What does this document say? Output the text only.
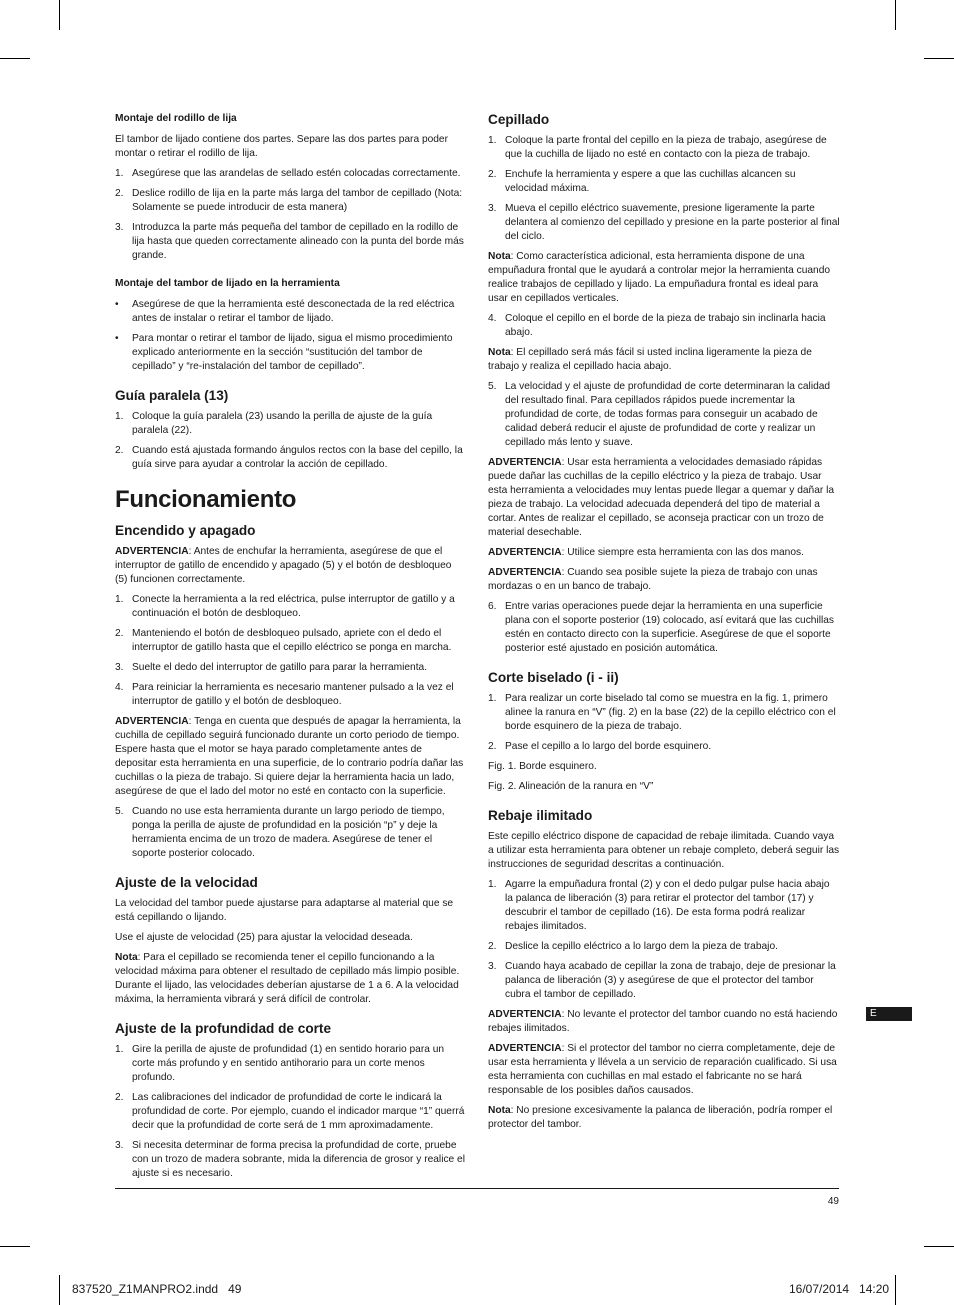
Montaje del rodillo de lija

El tambor de lijado contiene dos partes. Separe las dos partes para poder montar o retirar el rodillo de lija.

1. Asegúrese que las arandelas de sellado estén colocadas correctamente.
2. Deslice rodillo de lija en la parte más larga del tambor de cepillado (Nota: Solamente se puede introducir de esta manera)
3. Introduzca la parte más pequeña del tambor de cepillado en la rodillo de lija hasta que queden correctamente alineado con la punta del borde más grande.
Montaje del tambor de lijado en la herramienta
• Asegúrese de que la herramienta esté desconectada de la red eléctrica antes de instalar o retirar el tambor de lijado.
• Para montar o retirar el tambor de lijado, sigua el mismo procedimiento explicado anteriormente en la sección “sustitución del tambor de cepillado” y “re-instalación del tambor de cepillado”.
Guía paralela (13)
1. Coloque la guía paralela (23) usando la perilla de ajuste de la guía paralela (22).
2. Cuando está ajustada formando ángulos rectos con la base del cepillo, la guía sirve para ayudar a controlar la acción de cepillado.
Funcionamiento
Encendido y apagado

ADVERTENCIA: Antes de enchufar la herramienta, asegúrese de que el interruptor de gatillo de encendido y apagado (5) y el botón de desbloqueo (5) funcionen correctamente.

1. Conecte la herramienta a la red eléctrica, pulse interruptor de gatillo y a continuación el botón de desbloqueo.
2. Manteniendo el botón de desbloqueo pulsado, apriete con el dedo el interruptor de gatillo hasta que el cepillo eléctrico se ponga en marcha.
3. Suelte el dedo del interruptor de gatillo para parar la herramienta.
4. Para reiniciar la herramienta es necesario mantener pulsado a la vez el interruptor de gatillo y el botón de desbloqueo.

ADVERTENCIA: Tenga en cuenta que después de apagar la herramienta, la cuchilla de cepillado seguirá funcionado durante un corto periodo de tiempo. Espere hasta que el motor se haya parado completamente antes de depositar esta herramienta en una superficie, de lo contrario podría dañar las cuchillas o la pieza de trabajo. Si quiere dejar la herramienta hacia un lado, asegúrese de que el lado del motor no esté en contacto con la superficie.

5. Cuando no use esta herramienta durante un largo periodo de tiempo, ponga la perilla de ajuste de profundidad en la posición “p” y deje la herramienta encima de un trozo de madera. Asegúrese de tener el soporte posterior colocado.
Ajuste de la velocidad

La velocidad del tambor puede ajustarse para adaptarse al material que se está cepillando o lijando.

Use el ajuste de velocidad (25) para ajustar la velocidad deseada.

Nota: Para el cepillado se recomienda tener el cepillo funcionando a la velocidad máxima para obtener el resultado de cepillado más limpio posible. Durante el lijado, las velocidades deberían ajustarse de 1 a 6. A la velocidad máxima, la herramienta vibrará y será difícil de controlar.

Ajuste de la profundidad de corte
1. Gire la perilla de ajuste de profundidad (1) en sentido horario para un corte más profundo y en sentido antihorario para un corte menos profundo.
2. Las calibraciones del indicador de profundidad de corte le indicará la profundidad de corte. Por ejemplo, cuando el indicador marque “1” querrá decir que la profundidad de corte será de 1 mm aproximadamente.
3. Si necesita determinar de forma precisa la profundidad de corte, pruebe con un trozo de madera sobrante, mida la diferencia de grosor y realice el ajuste si es necesario.
Cepillado
1. Coloque la parte frontal del cepillo en la pieza de trabajo, asegúrese de que la cuchilla de lijado no esté en contacto con la pieza de trabajo.
2. Enchufe la herramienta y espere a que las cuchillas alcancen su velocidad máxima.
3. Mueva el cepillo eléctrico suavemente, presione ligeramente la parte delantera al comienzo del cepillado y presione en la parte posterior al final del ciclo.

Nota: Como característica adicional, esta herramienta dispone de una empuñadura frontal que le ayudará a controlar mejor la herramienta cuando realice trabajos de cepillado y lijado. La empuñadura frontal es ideal para usar en cepillados verticales.

4. Coloque el cepillo en el borde de la pieza de trabajo sin inclinarla hacia abajo.

Nota: El cepillado será más fácil si usted inclina ligeramente la pieza de trabajo y realiza el cepillado hacia abajo.

5. La velocidad y el ajuste de profundidad de corte determinaran la calidad del resultado final. Para cepillados rápidos puede incrementar la profundidad de corte, de todas formas para conseguir un acabado de calidad deberá reducir el ajuste de profundidad de corte y realizar un cepillado más lento y suave.

ADVERTENCIA: Usar esta herramienta a velocidades demasiado rápidas puede dañar las cuchillas de la cepillo eléctrico y la pieza de trabajo. Usar esta herramienta a velocidades muy lentas puede llegar a quemar y dañar la pieza de trabajo. La velocidad adecuada dependerá del tipo de material a cortar. Antes de realizar el cepillado, se aconseja practicar con un trozo de material desechable.

ADVERTENCIA: Utilice siempre esta herramienta con las dos manos.

ADVERTENCIA: Cuando sea posible sujete la pieza de trabajo con unas mordazas o en un banco de trabajo.

6. Entre varias operaciones puede dejar la herramienta en una superficie plana con el soporte posterior (19) colocado, así evitará que las cuchillas estén en contacto directo con la superficie. Asegúrese de que el soporte posterior esté ajustado en posición automática.
Corte biselado (i - ii)
1. Para realizar un corte biselado tal como se muestra en la fig. 1, primero alinee la ranura en “V” (fig. 2) en la base (22) de la cepillo eléctrico con el borde esquinero de la pieza de trabajo.
2. Pase el cepillo a lo largo del borde esquinero.

Fig. 1. Borde esquinero.

Fig. 2. Alineación de la ranura en “V”

Rebaje ilimitado

Este cepillo eléctrico dispone de capacidad de rebaje ilimitada. Cuando vaya a utilizar esta herramienta para obtener un rebaje completo, deberá seguir las instrucciones de seguridad descritas a continuación.

1. Agarre la empuñadura frontal (2) y con el dedo pulgar pulse hacia abajo la palanca de liberación (3) para retirar el protector del tambor (17) y descubrir el tambor de cepillado (16). De esta forma podrá realizar rebajes ilimitados.
2. Deslice la cepillo eléctrico a lo largo dem la pieza de trabajo.
3. Cuando haya acabado de cepillar la zona de trabajo, deje de presionar la palanca de liberación (3) y asegúrese de que el protector del tambor cubra el tambor de cepillado.

ADVERTENCIA: No levante el protector del tambor cuando no está haciendo rebajes ilimitados.

ADVERTENCIA: Si el protector del tambor no cierra completamente, deje de usar esta herramienta y llévela a un servicio de reparación cualificado. Si usa esta herramienta con cuchillas en mal estado el fabricante no se hará responsable de los posibles daños causados.

Nota: No presione excesivamente la palanca de liberación, podría romper el protector del tambor.

E
49
837520_Z1MANPRO2.indd   49	16/07/2014   14:20
